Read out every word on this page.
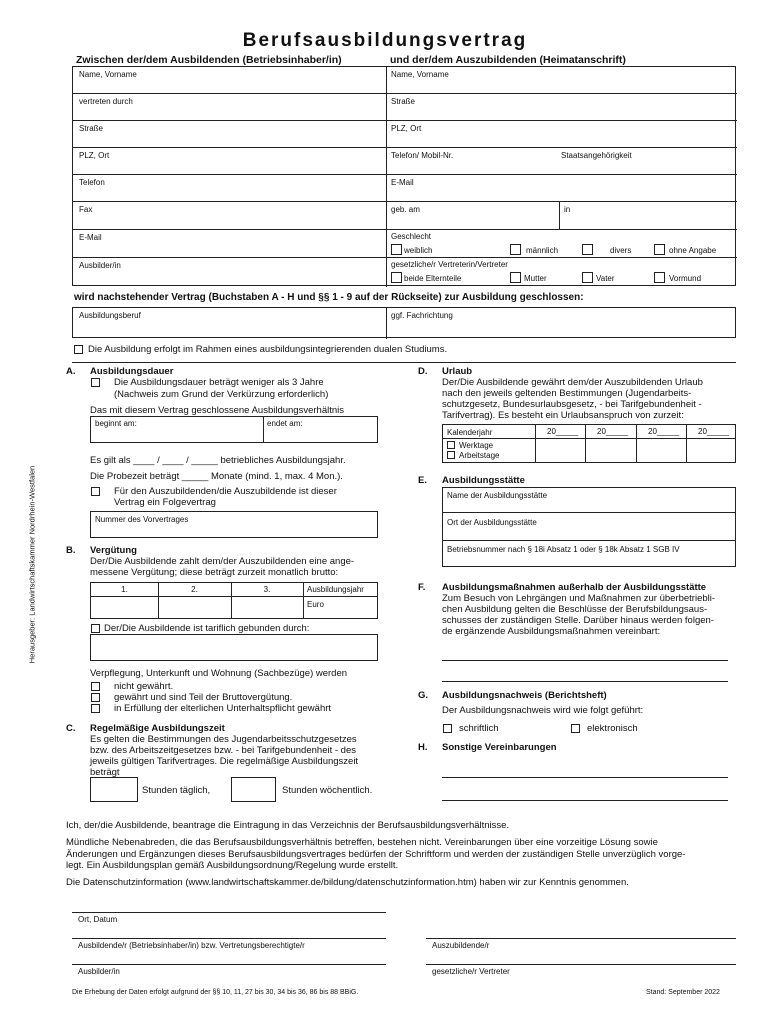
Berufsausbildungsvertrag
Zwischen der/dem Ausbildenden (Betriebsinhaber/in)	und der/dem Auszubildenden (Heimatanschrift)
Herausgeber: Landwirtschaftskammer Nordrhein-Westfalen
Name, Vorname
vertreten durch
Straße
PLZ, Ort
Telefon
Fax
E-Mail
Ausbilder/in
Name, Vorname
Straße
PLZ, Ort
Telefon/ Mobil-Nr.	Staatsangehörigkeit
E-Mail
geb. am	in
Geschlecht
weiblich	männlich	divers	ohne Angabe
gesetzliche/r Vertreterin/Vertreter
beide Elternteile	Mutter	Vater	Vormund
wird nachstehender Vertrag (Buchstaben A - H und §§ 1 - 9 auf der Rückseite) zur Ausbildung geschlossen:
Ausbildungsberuf	ggf. Fachrichtung
Die Ausbildung erfolgt im Rahmen eines ausbildungsintegrierenden dualen Studiums.
A. Ausbildungsdauer
Die Ausbildungsdauer beträgt weniger als 3 Jahre
(Nachweis zum Grund der Verkürzung erforderlich)
Das mit diesem Vertrag geschlossene Ausbildungsverhältnis
beginnt am:	endet am:
Es gilt als ____ / ____ / _____ betriebliches Ausbildungsjahr.
Die Probezeit beträgt _____ Monate (mind. 1, max. 4 Mon.).
Für den Auszubildenden/die Auszubildende ist dieser
Vertrag ein Folgevertrag
Nummer des Vorvertrages
B. Vergütung
Der/Die Ausbildende zahlt dem/der Auszubildenden eine ange-
messene Vergütung; diese beträgt zurzeit monatlich brutto:
1.	2.	3.	Ausbildungsjahr
Euro
Der/Die Ausbildende ist tariflich gebunden durch:
Verpflegung, Unterkunft und Wohnung (Sachbezüge) werden
nicht gewährt.
gewährt und sind Teil der Bruttovergütung.
in Erfüllung der elterlichen Unterhaltspflicht gewährt
C. Regelmäßige Ausbildungszeit
Es gelten die Bestimmungen des Jugendarbeitsschutzgesetzes
bzw. des Arbeitszeitgesetzes bzw. - bei Tarifgebundenheit - des
jeweils gültigen Tarifvertrages. Die regelmäßige Ausbildungszeit
beträgt
Stunden täglich,	Stunden wöchentlich.
D. Urlaub
Der/Die Ausbildende gewährt dem/der Auszubildenden Urlaub
nach den jeweils geltenden Bestimmungen (Jugendarbeits-
schutzgesetz, Bundesurlaubsgesetz, - bei Tarifgebundenheit -
Tarifvertrag). Es besteht ein Urlaubsanspruch von zurzeit:
Kalenderjahr	20_____ 20_____ 20_____ 20_____
Werktage
Arbeitstage
E. Ausbildungsstätte
Name der Ausbildungsstätte
Ort der Ausbildungsstätte
Betriebsnummer nach § 18i Absatz 1 oder § 18k Absatz 1 SGB IV
F. Ausbildungsmaßnahmen außerhalb der Ausbildungsstätte
Zum Besuch von Lehrgängen und Maßnahmen zur überbetriebli-
chen Ausbildung gelten die Beschlüsse der Berufsbildungsaus-
schusses der zuständigen Stelle. Darüber hinaus werden folgen-
de ergänzende Ausbildungsmaßnahmen vereinbart:
G. Ausbildungsnachweis (Berichtsheft)
Der Ausbildungsnachweis wird wie folgt geführt:
schriftlich	elektronisch
H. Sonstige Vereinbarungen
Ich, der/die Ausbildende, beantrage die Eintragung in das Verzeichnis der Berufsausbildungsverhältnisse.
Mündliche Nebenabreden, die das Berufsausbildungsverhältnis betreffen, bestehen nicht. Vereinbarungen über eine vorzeitige Lösung sowie
Änderungen und Ergänzungen dieses Berufsausbildungsvertrages bedürfen der Schriftform und werden der zuständigen Stelle unverzüglich vorge-
legt. Ein Ausbildungsplan gemäß Ausbildungsordnung/Regelung wurde erstellt.
Die Datenschutzinformation (www.landwirtschaftskammer.de/bildung/datenschutzinformation.htm) haben wir zur Kenntnis genommen.
Ort, Datum
Ausbildende/r (Betriebsinhaber/in) bzw. Vertretungsberechtigte/r	Auszubildende/r
Ausbilder/in	gesetzliche/r Vertreter
Die Erhebung der Daten erfolgt aufgrund der §§ 10, 11, 27 bis 30, 34 bis 36, 86 bis 88 BBiG.	Stand: September 2022
